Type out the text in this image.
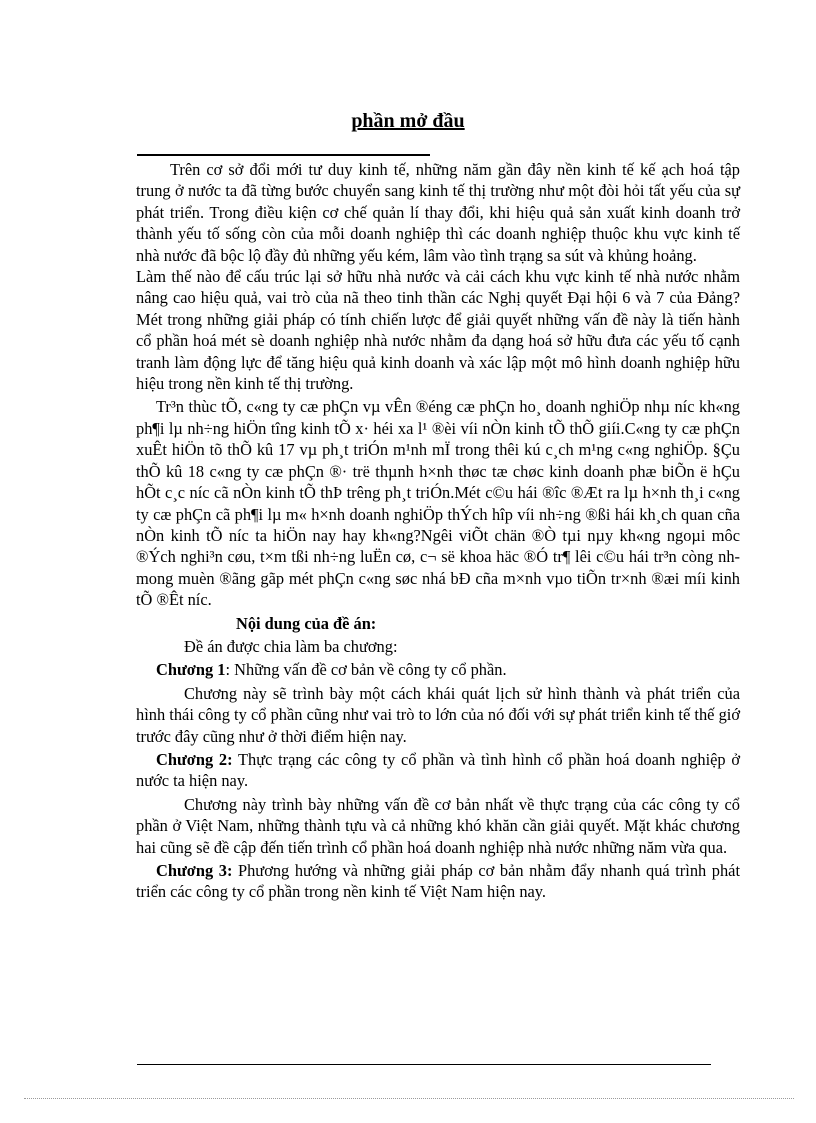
phần mở đầu

Trên cơ sở đổi mới tư duy kinh tế, những năm gần đây nền kinh tế kế ạch hoá tập trung ở nước ta đã từng bước chuyển sang kinh tế thị trường như một đòi hỏi tất yếu của sự phát triển. Trong điều kiện cơ chế quản lí thay đổi, khi hiệu quả sản xuất kinh doanh trở thành yếu tố sống còn của mỗi doanh nghiệp thì các doanh nghiệp thuộc khu vực kinh tế nhà nước đã bộc lộ đầy đủ những yếu kém, lâm vào tình trạng sa sút và khủng hoảng.

Làm thế nào để cấu trúc lại sở hữu nhà nước và cải cách khu vực kinh tế nhà nước nhằm nâng cao hiệu quả, vai trò của nã theo tinh thần các Nghị quyết Đại hội 6 và 7 của Đảng? Mét trong những giải pháp có tính chiến lược để giải quyết những vấn đề này là tiến hành cổ phần hoá mét sè doanh nghiệp nhà nước nhằm đa dạng hoá sở hữu đưa các yếu tố cạnh tranh làm động lực để tăng hiệu quả kinh doanh và xác lập một mô hình doanh nghiệp hữu hiệu trong nền kinh tế thị trường.

Tr³n thùc tÕ, c«ng ty cæ phÇn vµ vÊn ®éng cæ phÇn ho¸ doanh nghiÖp nhµ níc kh«ng ph¶i lµ nh÷ng hiÖn tîng kinh tÕ x· héi xa l¹ ®èi víi nÒn kinh tÕ thÕ giíi.C«ng ty cæ phÇn xuÊt hiÖn tõ thÕ kû 17 vµ ph¸t triÓn m¹nh mÏ trong thêi kú c¸ch m¹ng c«ng nghiÖp. §Çu thÕ kû 18 c«ng ty cæ phÇn ®· trë thµnh h×nh thøc tæ chøc kinh doanh phæ biÕn ë hÇu hÕt c¸c níc cã nÒn kinh tÕ thÞ trêng ph¸t triÓn.Mét c©u hái ®îc ®Æt ra lµ h×nh th¸i c«ng ty cæ phÇn cã ph¶i lµ m« h×nh doanh nghiÖp thÝch hîp víi nh÷ng ®ßi hái kh¸ch quan cña nÒn kinh tÕ níc ta hiÖn nay hay kh«ng?Ngêi viÕt chän ®Ò tµi nµy kh«ng ngoµi môc ®Ých nghi³n cøu, t×m tßi nh÷ng luËn cø, c¬ së khoa häc ®Ó tr¶ lêi c©u hái tr³n còng nh mong muèn ®ãng gãp mét phÇn c«ng søc nhá bÐ cña m×nh vµo tiÕn tr×nh ®æi míi kinh tÕ ®Êt níc.

Nội dung của đề án:

Đề án được chia làm ba chương:

Chương 1: Những vấn đề cơ bản về công ty cổ phần.

Chương này sẽ trình bày một cách khái quát lịch sử hình thành và phát triển của hình thái công ty cổ phần cũng như vai trò to lớn của nó đối với sự phát triển kinh tế thế giớ trước đây cũng như ở thời điểm hiện nay.

Chương 2: Thực trạng các công ty cổ phần và tình hình cổ phần hoá doanh nghiệp ở nước ta hiện nay.

Chương này trình bày những vấn đề cơ bản nhất về thực trạng của các công ty cổ phần ở Việt Nam, những thành tựu và cả những khó khăn cần giải quyết. Mặt khác chương hai cũng sẽ đề cập đến tiến trình cổ phần hoá doanh nghiệp nhà nước những năm vừa qua.

Chương 3: Phương hướng và những giải pháp cơ bản nhằm đẩy nhanh quá trình phát triển các công ty cổ phần trong nền kinh tế Việt Nam hiện nay.
